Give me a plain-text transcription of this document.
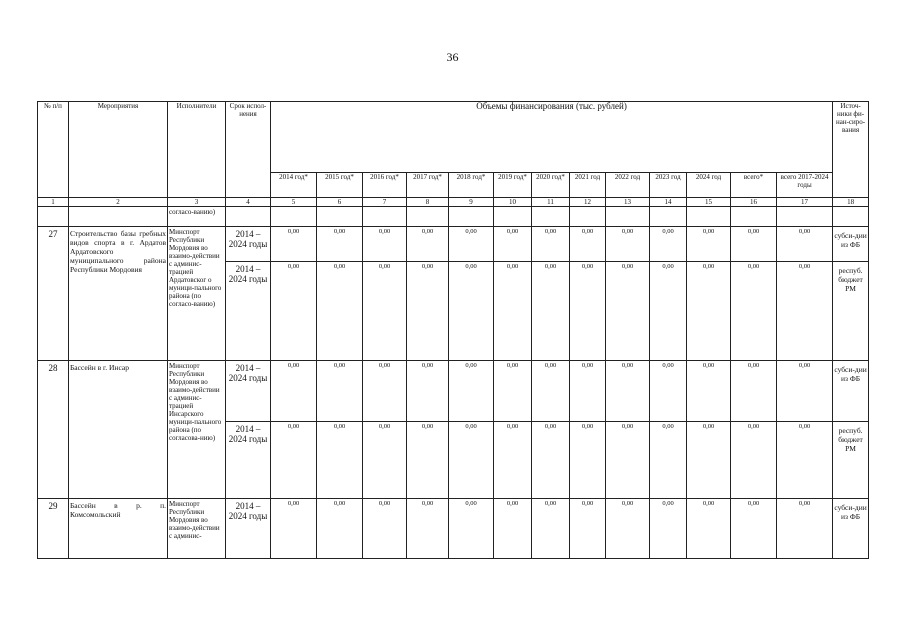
36
№ п/п	Мероприятия	Исполнители	Срок испол-нения	Объемы финансирования (тыс. рублей)													Источ-ники фи-нан-сиро-вания
				2014 год*	2015 год*	2016 год*	2017 год*	2018 год*	2019 год*	2020 год*	2021 год	2022 год	2023 год	2024 год	всего*	всего 2017-2024 годы	
1	2	3	4	5	6	7	8	9	10	11	12	13	14	15	16	17	18
		согласо-ванию)															
27	Строительство базы гребных видов спорта в г. Ардатов Ардатовского муниципального района Республики Мордовия	Минспорт Республики Мордовия во взаимо-действии с админис-трацией Ардатовског о муници-пального района (по согласо-ванию)	2014 – 2024 годы	0,00	0,00	0,00	0,00	0,00	0,00	0,00	0,00	0,00	0,00	0,00	0,00	0,00	субси-дии из ФБ
			2014 – 2024 годы	0,00	0,00	0,00	0,00	0,00	0,00	0,00	0,00	0,00	0,00	0,00	0,00	0,00	респуб. бюджет РМ
28	Бассейн в г. Инсар	Минспорт Республики Мордовия во взаимо-действии с админис-трацией Инсарского муници-пального района (по согласова-нию)	2014 – 2024 годы	0,00	0,00	0,00	0,00	0,00	0,00	0,00	0,00	0,00	0,00	0,00	0,00	0,00	субси-дии из ФБ
			2014 – 2024 годы	0,00	0,00	0,00	0,00	0,00	0,00	0,00	0,00	0,00	0,00	0,00	0,00	0,00	респуб. бюджет РМ
29	Бассейн в р. п. Комсомольский	Минспорт Республики Мордовия во взаимо-действии с админис-	2014 – 2024 годы	0,00	0,00	0,00	0,00	0,00	0,00	0,00	0,00	0,00	0,00	0,00	0,00	0,00	субси-дии из ФБ
